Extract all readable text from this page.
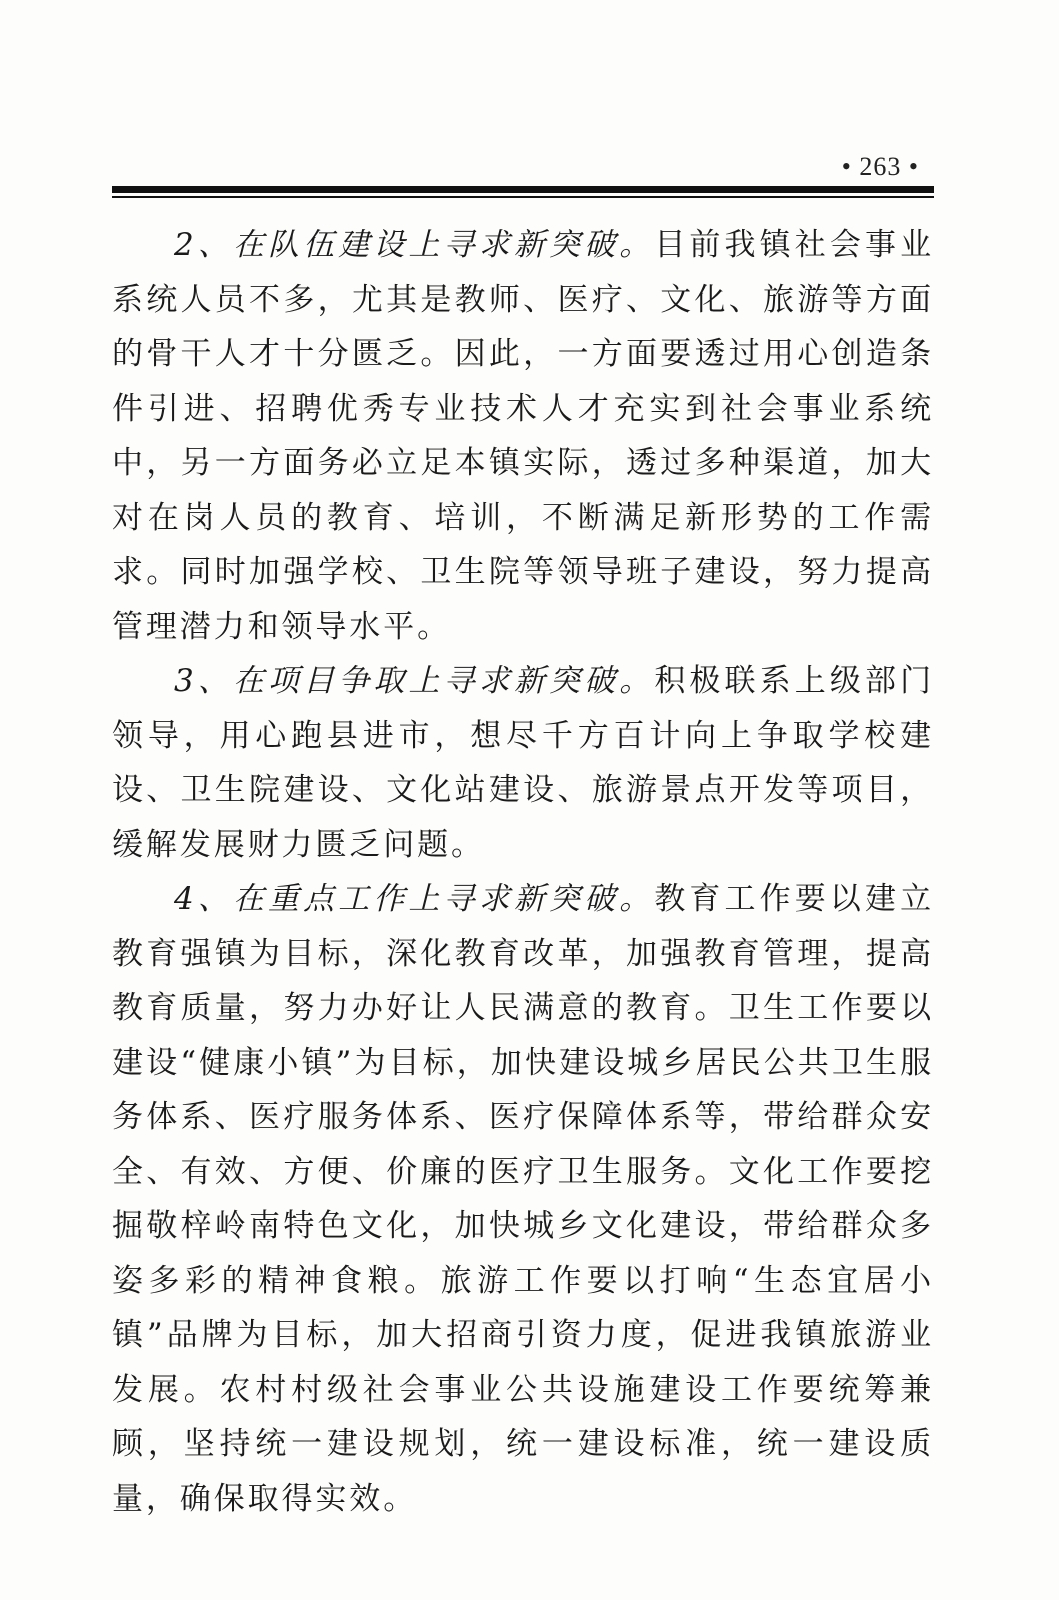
• 263 •

2、在队伍建设上寻求新突破。目前我镇社会事业系统人员不多，尤其是教师、医疗、文化、旅游等方面的骨干人才十分匮乏。因此，一方面要透过用心创造条件引进、招聘优秀专业技术人才充实到社会事业系统中，另一方面务必立足本镇实际，透过多种渠道，加大对在岗人员的教育、培训，不断满足新形势的工作需求。同时加强学校、卫生院等领导班子建设，努力提高管理潜力和领导水平。

3、在项目争取上寻求新突破。积极联系上级部门领导，用心跑县进市，想尽千方百计向上争取学校建设、卫生院建设、文化站建设、旅游景点开发等项目，缓解发展财力匮乏问题。

4、在重点工作上寻求新突破。教育工作要以建立教育强镇为目标，深化教育改革，加强教育管理，提高教育质量，努力办好让人民满意的教育。卫生工作要以建设“健康小镇”为目标，加快建设城乡居民公共卫生服务体系、医疗服务体系、医疗保障体系等，带给群众安全、有效、方便、价廉的医疗卫生服务。文化工作要挖掘敬梓岭南特色文化，加快城乡文化建设，带给群众多姿多彩的精神食粮。旅游工作要以打响“生态宜居小镇”品牌为目标，加大招商引资力度，促进我镇旅游业发展。农村村级社会事业公共设施建设工作要统筹兼顾，坚持统一建设规划，统一建设标准，统一建设质量，确保取得实效。
